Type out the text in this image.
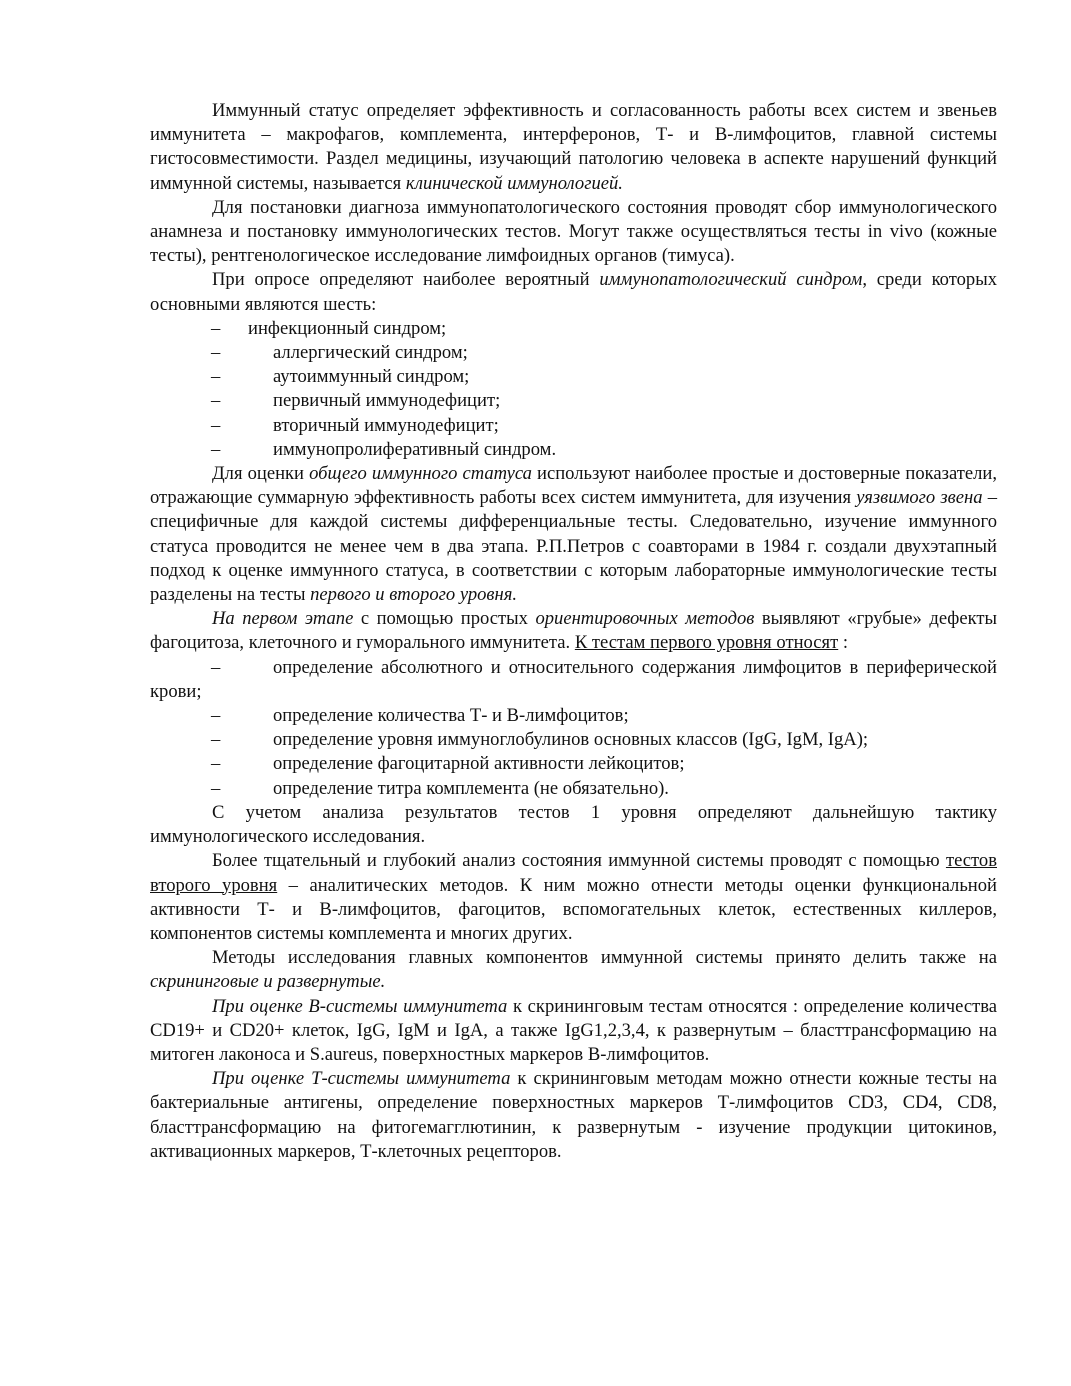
Иммунный статус определяет эффективность и согласованность работы всех систем и звеньев иммунитета – макрофагов, комплемента, интерферонов, Т- и В-лимфоцитов, главной системы гистосовместимости. Раздел медицины, изучающий патологию человека в аспекте нарушений функций иммунной системы, называется клинической иммунологией.

Для постановки диагноза иммунопатологического состояния проводят сбор иммунологического анамнеза и постановку иммунологических тестов. Могут также осуществляться тесты in vivo (кожные тесты), рентгенологическое исследование лимфоидных органов (тимуса).

При опросе определяют наиболее вероятный иммунопатологический синдром, среди которых основными являются шесть:

– инфекционный синдром;

–	аллергический синдром;

–	аутоиммунный синдром;

–	первичный иммунодефицит;

–	вторичный иммунодефицит;

–	иммунопролиферативный синдром.

Для оценки общего иммунного статуса используют наиболее простые и достоверные показатели, отражающие суммарную эффективность работы всех систем иммунитета, для изучения уязвимого звена – специфичные для каждой системы дифференциальные тесты. Следовательно, изучение иммунного статуса проводится не менее чем в два этапа. Р.П.Петров с соавторами в 1984 г. создали двухэтапный подход к оценке иммунного статуса, в соответствии с которым лабораторные иммунологические тесты разделены на тесты первого и второго уровня.

На первом этапе с помощью простых ориентировочных методов выявляют «грубые» дефекты фагоцитоза, клеточного и гуморального иммунитета. К тестам первого уровня относят :

–	определение абсолютного и относительного содержания лимфоцитов в периферической крови;

–	определение количества Т- и В-лимфоцитов;

–	определение уровня иммуноглобулинов основных классов (IgG, IgM, IgA);

–	определение фагоцитарной активности лейкоцитов;

–	определение титра комплемента (не обязательно).

С учетом анализа результатов тестов 1 уровня определяют дальнейшую тактику иммунологического исследования.

Более тщательный и глубокий анализ состояния иммунной системы проводят с помощью тестов второго уровня – аналитических методов. К ним можно отнести методы оценки функциональной активности Т- и В-лимфоцитов, фагоцитов, вспомогательных клеток, естественных киллеров, компонентов системы комплемента и многих других.

Методы исследования главных компонентов иммунной системы принято делить также на скрининговые и развернутые.

При оценке В-системы иммунитета к скрининговым тестам относятся : определение количества CD19+ и CD20+ клеток, IgG, IgM и IgA, а также IgG1,2,3,4, к развернутым – бласттрансформацию на митоген лаконоса и S.aureus, поверхностных маркеров В-лимфоцитов.

При оценке Т-системы иммунитета к скрининговым методам можно отнести кожные тесты на бактериальные антигены, определение поверхностных маркеров Т-лимфоцитов CD3, CD4, CD8, бласттрансформацию на фитогемагглютинин, к развернутым - изучение продукции цитокинов, активационных маркеров, Т-клеточных рецепторов.
